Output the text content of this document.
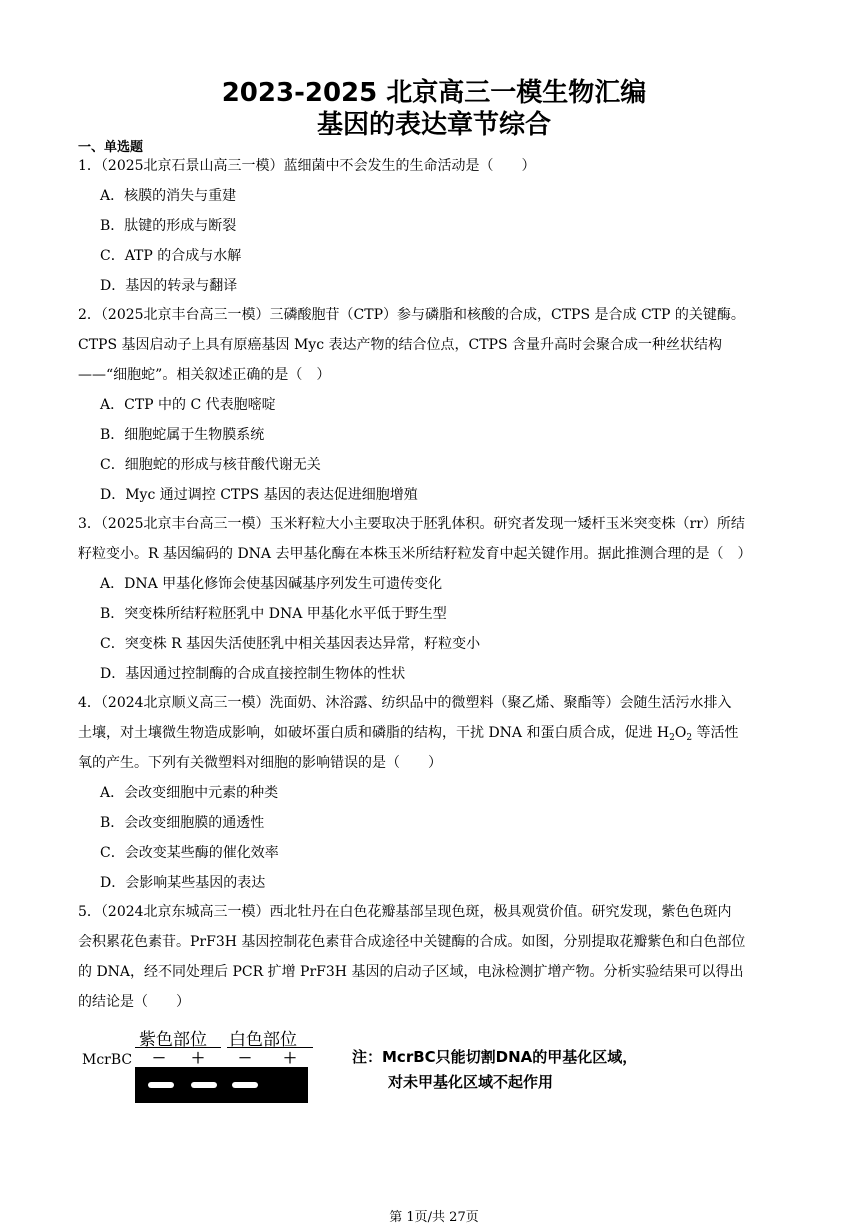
2023-2025 北京高三一模生物汇编
基因的表达章节综合
一、单选题
1．（2025北京石景山高三一模）蓝细菌中不会发生的生命活动是（　　）
A．核膜的消失与重建
B．肽键的形成与断裂
C．ATP 的合成与水解
D．基因的转录与翻译
2．（2025北京丰台高三一模）三磷酸胞苷（CTP）参与磷脂和核酸的合成，CTPS 是合成 CTP 的关键酶。
CTPS 基因启动子上具有原癌基因 Myc 表达产物的结合位点，CTPS 含量升高时会聚合成一种丝状结构
——“细胞蛇”。相关叙述正确的是（　）
A．CTP 中的 C 代表胞嘧啶
B．细胞蛇属于生物膜系统
C．细胞蛇的形成与核苷酸代谢无关
D．Myc 通过调控 CTPS 基因的表达促进细胞增殖
3．（2025北京丰台高三一模）玉米籽粒大小主要取决于胚乳体积。研究者发现一矮杆玉米突变株（rr）所结
籽粒变小。R 基因编码的 DNA 去甲基化酶在本株玉米所结籽粒发育中起关键作用。据此推测合理的是（　）
A．DNA 甲基化修饰会使基因碱基序列发生可遗传变化
B．突变株所结籽粒胚乳中 DNA 甲基化水平低于野生型
C．突变株 R 基因失活使胚乳中相关基因表达异常，籽粒变小
D．基因通过控制酶的合成直接控制生物体的性状
4．（2024北京顺义高三一模）洗面奶、沐浴露、纺织品中的微塑料（聚乙烯、聚酯等）会随生活污水排入
土壤，对土壤微生物造成影响，如破坏蛋白质和磷脂的结构，干扰 DNA 和蛋白质合成，促进 $H_2O_2$ 等活性
氧的产生。下列有关微塑料对细胞的影响错误的是（　　）
A．会改变细胞中元素的种类
B．会改变细胞膜的通透性
C．会改变某些酶的催化效率
D．会影响某些基因的表达
5．（2024北京东城高三一模）西北牡丹在白色花瓣基部呈现色斑，极具观赏价值。研究发现，紫色色斑内
会积累花色素苷。PrF3H 基因控制花色素苷合成途径中关键酶的合成。如图，分别提取花瓣紫色和白色部位
的 DNA，经不同处理后 PCR 扩增 PrF3H 基因的启动子区域，电泳检测扩增产物。分析实验结果可以得出
的结论是（　　）
紫色部位 白色部位
McrBC － ＋ － ＋	注：McrBC只能切割DNA的甲基化区域，
对未甲基化区域不起作用
第 1页/共 27页
